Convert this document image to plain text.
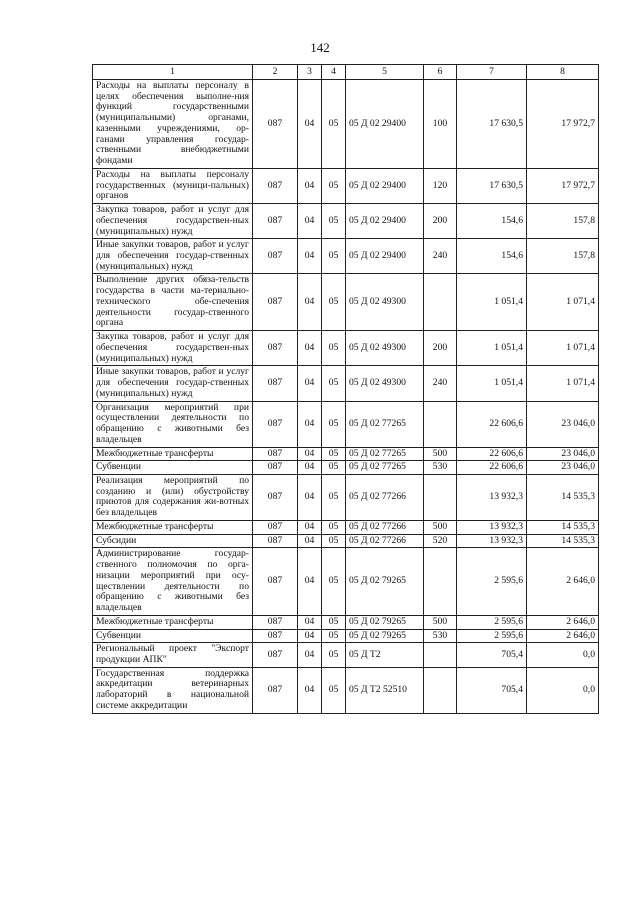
142
1	2	3	4	5	6	7	8
Расходы на выплаты персоналу в целях обеспечения выполне-ния функций государственными (муниципальными) органами, казенными учреждениями, ор-ганами управления государ-ственными внебюджетными фондами	087	04	05	05 Д 02 29400	100	17 630,5	17 972,7
Расходы на выплаты персоналу государственных (муници-пальных) органов	087	04	05	05 Д 02 29400	120	17 630,5	17 972,7
Закупка товаров, работ и услуг для обеспечения государствен-ных (муниципальных) нужд	087	04	05	05 Д 02 29400	200	154,6	157,8
Иные закупки товаров, работ и услуг для обеспечения государ-ственных (муниципальных) нужд	087	04	05	05 Д 02 29400	240	154,6	157,8
Выполнение других обяза-тельств государства в части ма-териально-технического обе-спечения деятельности государ-ственного органа	087	04	05	05 Д 02 49300		1 051,4	1 071,4
Закупка товаров, работ и услуг для обеспечения государствен-ных (муниципальных) нужд	087	04	05	05 Д 02 49300	200	1 051,4	1 071,4
Иные закупки товаров, работ и услуг для обеспечения государ-ственных (муниципальных) нужд	087	04	05	05 Д 02 49300	240	1 051,4	1 071,4
Организация мероприятий при осуществлении деятельности по обращению с животными без владельцев	087	04	05	05 Д 02 77265		22 606,6	23 046,0
Межбюджетные трансферты	087	04	05	05 Д 02 77265	500	22 606,6	23 046,0
Субвенции	087	04	05	05 Д 02 77265	530	22 606,6	23 046,0
Реализация мероприятий по созданию и (или) обустройству приютов для содержания жи-вотных без владельцев	087	04	05	05 Д 02 77266		13 932,3	14 535,3
Межбюджетные трансферты	087	04	05	05 Д 02 77266	500	13 932,3	14 535,3
Субсидии	087	04	05	05 Д 02 77266	520	13 932,3	14 535,3
Администрирование государ-ственного полномочия по орга-низации мероприятий при осу-ществлении деятельности по обращению с животными без владельцев	087	04	05	05 Д 02 79265		2 595,6	2 646,0
Межбюджетные трансферты	087	04	05	05 Д 02 79265	500	2 595,6	2 646,0
Субвенции	087	04	05	05 Д 02 79265	530	2 595,6	2 646,0
Региональный проект "Экспорт продукции АПК"	087	04	05	05 Д T2		705,4	0,0
Государственная поддержка аккредитации ветеринарных лабораторий в национальной системе аккредитации	087	04	05	05 Д T2 52510		705,4	0,0
